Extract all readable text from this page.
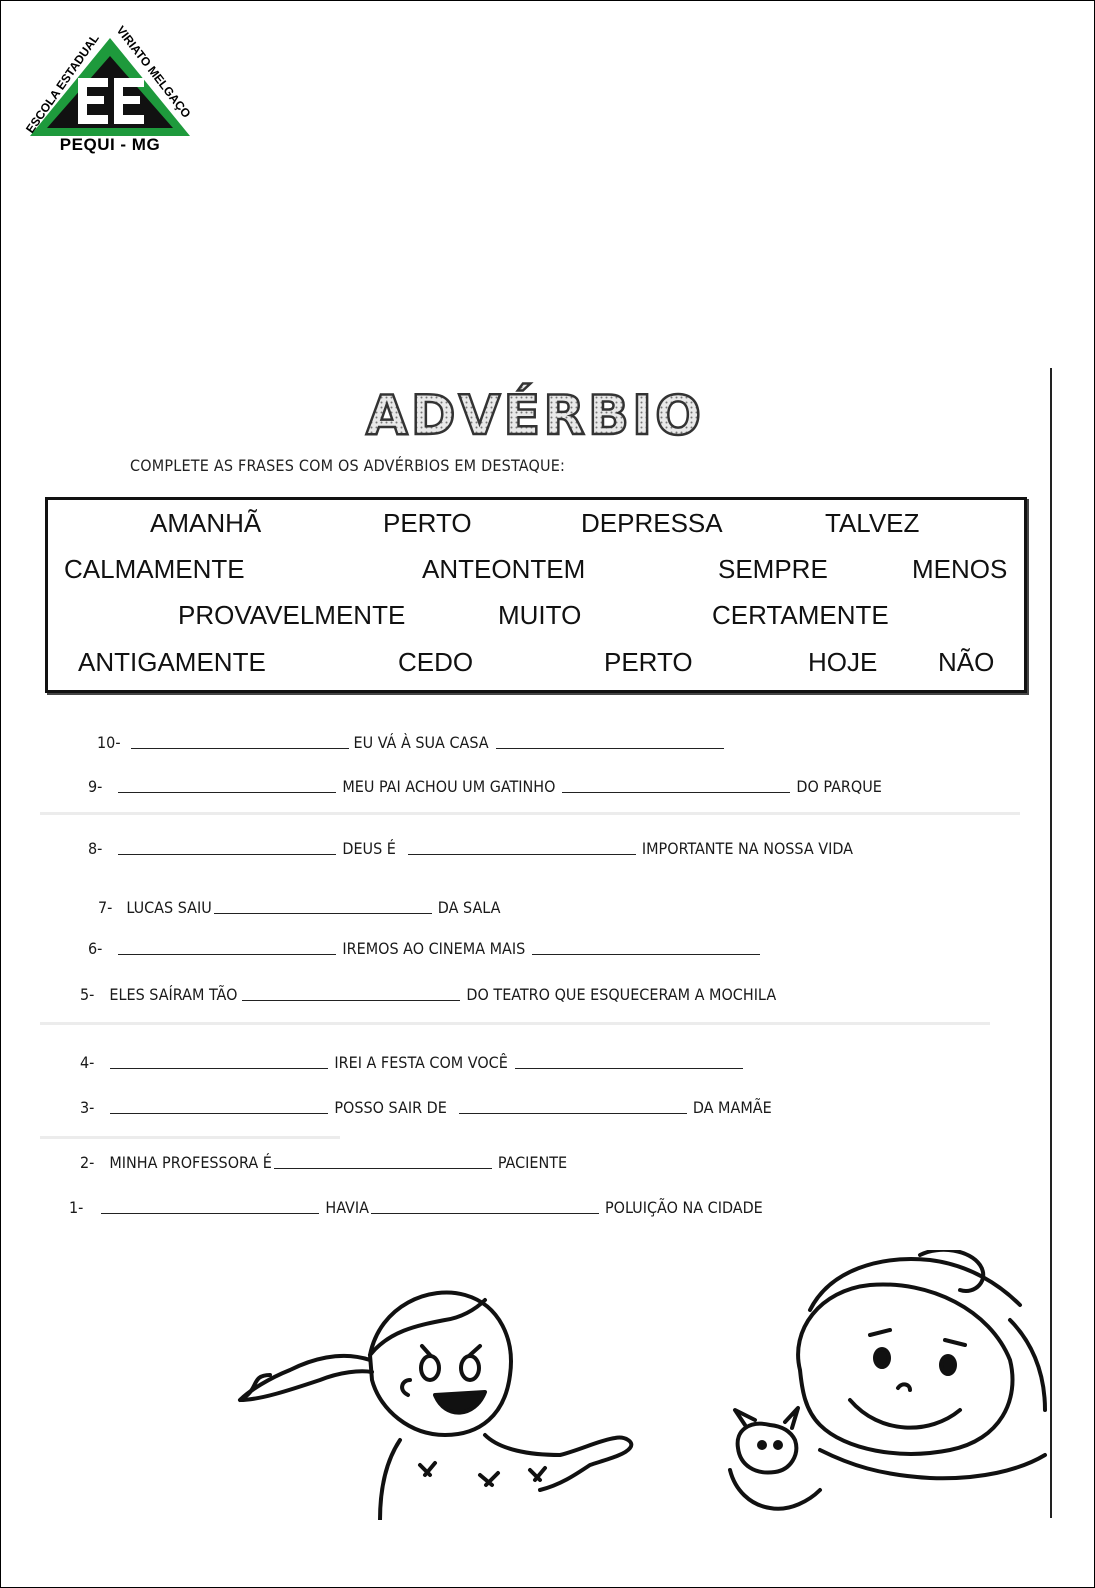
ESCOLA ESTADUAL
VIRIATO MELGAÇO
PEQUI - MG
ADVÉRBIO
COMPLETE AS FRASES COM OS ADVÉRBIOS EM DESTAQUE:
AMANHÃ	PERTO	DEPRESSA	TALVEZ
CALMAMENTE	ANTEONTEM	SEMPRE	MENOS
PROVAVELMENTE	MUITO	CERTAMENTE
ANTIGAMENTE	CEDO	PERTO	HOJE NÃO
10-	EU VÁ À SUA CASA
9-	MEU PAI ACHOU UM GATINHO	DO PARQUE
8-	DEUS É	IMPORTANTE NA NOSSA VIDA
7- LUCAS SAIU	DA SALA
6-	IREMOS AO CINEMA MAIS
5- ELES SAÍRAM TÃO	DO TEATRO QUE ESQUECERAM A MOCHILA
4-	IREI A FESTA COM VOCÊ
3-	POSSO SAIR DE	DA MAMÃE
2- MINHA PROFESSORA É	PACIENTE
1-	HAVIA	POLUIÇÃO NA CIDADE
